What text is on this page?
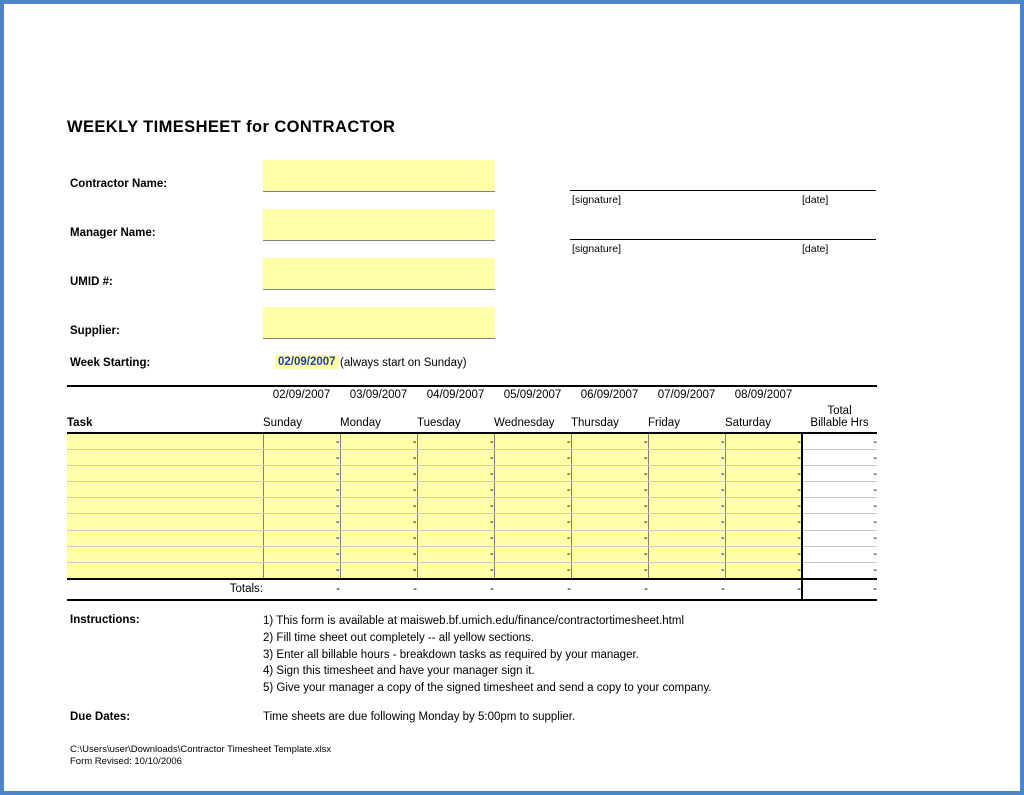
WEEKLY TIMESHEET for CONTRACTOR
Contractor Name:
Manager Name:
UMID #:
Supplier:
[signature]	[date]
[signature]	[date]
Week Starting:	02/09/2007 (always start on Sunday)
	02/09/2007	03/09/2007	04/09/2007	05/09/2007	06/09/2007	07/09/2007	08/09/2007	
Task	Sunday	Monday	Tuesday	Wednesday	Thursday	Friday	Saturday	Total
Billable Hrs

	-	-	-	-	-	-	-	-
	-	-	-	-	-	-	-	-
	-	-	-	-	-	-	-	-
	-	-	-	-	-	-	-	-
	-	-	-	-	-	-	-	-
	-	-	-	-	-	-	-	-
	-	-	-	-	-	-	-	-
	-	-	-	-	-	-	-	-
	-	-	-	-	-	-	-	-
Totals:	-	-	-	-	-	-	-	-
Instructions:	1) This form is available at maisweb.bf.umich.edu/finance/contractortimesheet.html
2) Fill time sheet out completely -- all yellow sections.
3) Enter all billable hours - breakdown tasks as required by your manager.
4) Sign this timesheet and have your manager sign it.
5) Give your manager a copy of the signed timesheet and send a copy to your company.
Due Dates:	Time sheets are due following Monday by 5:00pm to supplier.
C:\Users\user\Downloads\Contractor Timesheet Template.xlsx
Form Revised: 10/10/2006
